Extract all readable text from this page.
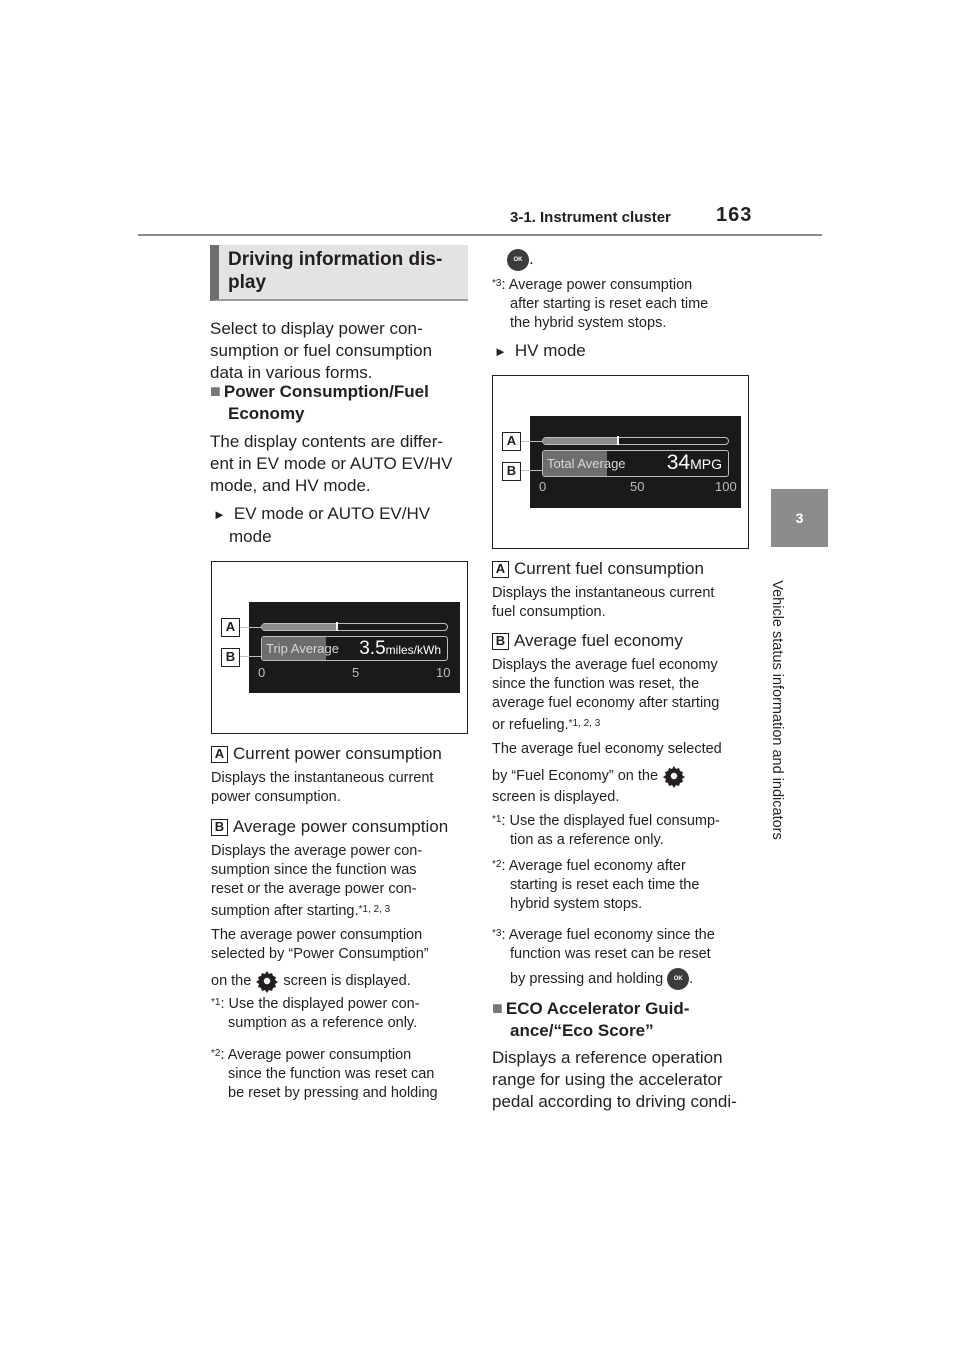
3-1. Instrument cluster 163
3
Vehicle status information and indicators
Driving information dis-
play
Select to display power con-
sumption or fuel consumption
data in various forms.
■ Power Consumption/Fuel
Economy
The display contents are differ-
ent in EV mode or AUTO EV/HV
mode, and HV mode.
► EV mode or AUTO EV/HV
mode
Trip Average 3.5miles/kWh
0	5	10
A
B
A Current power consumption
Displays the instantaneous current
power consumption.
B Average power consumption
Displays the average power con-
sumption since the function was
reset or the average power con-
sumption after starting.$^{*1, 2, 3}$
The average power consumption
selected by “Power Consumption”
on the screen is displayed.
$^{*1}$: Use the displayed power con-
sumption as a reference only.
$^{*2}$: Average power consumption
since the function was reset can
be reset by pressing and holding
OK .
$^{*3}$: Average power consumption
after starting is reset each time
the hybrid system stops.
► HV mode
Total Average 34MPG
0	50	100
A
B
A Current fuel consumption
Displays the instantaneous current
fuel consumption.
B Average fuel economy
Displays the average fuel economy
since the function was reset, the
average fuel economy after starting
or refueling.$^{*1, 2, 3}$
The average fuel economy selected
by “Fuel Economy” on the
screen is displayed.
$^{*1}$: Use the displayed fuel consump-
tion as a reference only.
$^{*2}$: Average fuel economy after
starting is reset each time the
hybrid system stops.
$^{*3}$: Average fuel economy since the
function was reset can be reset
by pressing and holding OK .
■ ECO Accelerator Guid-
ance/“Eco Score”
Displays a reference operation
range for using the accelerator
pedal according to driving condi-
